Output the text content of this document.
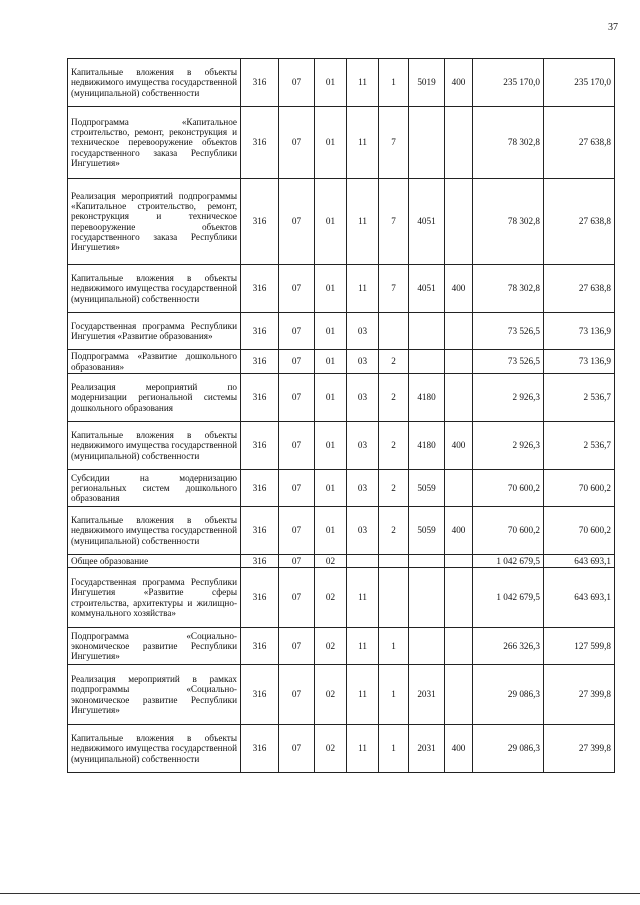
37
Капитальные вложения в объекты недвижимого имущества государственной (муниципальной) собственности	316	07	01	11	1	5019	400	235 170,0	235 170,0
Подпрограмма «Капитальное строительство, ремонт, реконструкция и техническое перевооружение объектов государственного заказа Республики Ингушетия»	316	07	01	11	7			78 302,8	27 638,8
Реализация мероприятий подпрограммы «Капитальное строительство, ремонт, реконструкция и техническое перевооружение объектов государственного заказа Республики Ингушетия»	316	07	01	11	7	4051		78 302,8	27 638,8
Капитальные вложения в объекты недвижимого имущества государственной (муниципальной) собственности	316	07	01	11	7	4051	400	78 302,8	27 638,8
Государственная программа Республики Ингушетия «Развитие образования»	316	07	01	03				73 526,5	73 136,9
Подпрограмма «Развитие дошкольного образования»	316	07	01	03	2			73 526,5	73 136,9
Реализация мероприятий по модернизации региональной системы дошкольного образования	316	07	01	03	2	4180		2 926,3	2 536,7
Капитальные вложения в объекты недвижимого имущества государственной (муниципальной) собственности	316	07	01	03	2	4180	400	2 926,3	2 536,7
Субсидии на модернизацию региональных систем дошкольного образования	316	07	01	03	2	5059		70 600,2	70 600,2
Капитальные вложения в объекты недвижимого имущества государственной (муниципальной) собственности	316	07	01	03	2	5059	400	70 600,2	70 600,2
Общее образование	316	07	02					1 042 679,5	643 693,1
Государственная программа Республики Ингушетия «Развитие сферы строительства, архитектуры и жилищно-коммунального хозяйства»	316	07	02	11				1 042 679,5	643 693,1
Подпрограмма «Социально-экономическое развитие Республики Ингушетия»	316	07	02	11	1			266 326,3	127 599,8
Реализация мероприятий в рамках подпрограммы «Социально-экономическое развитие Республики Ингушетия»	316	07	02	11	1	2031		29 086,3	27 399,8
Капитальные вложения в объекты недвижимого имущества государственной (муниципальной) собственности	316	07	02	11	1	2031	400	29 086,3	27 399,8
